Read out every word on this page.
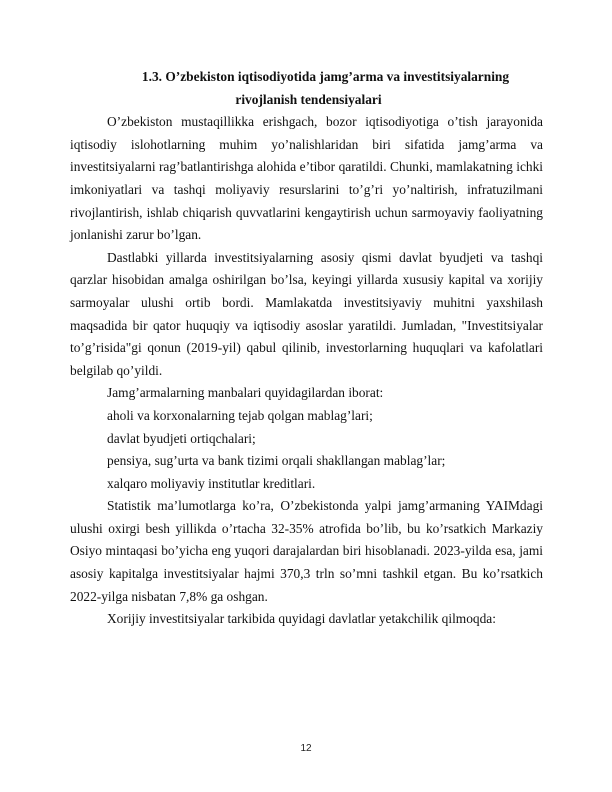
1.3. O’zbekiston iqtisodiyotida jamg’arma va investitsiyalarning
rivojlanish tendensiyalari

O’zbekiston mustaqillikka erishgach, bozor iqtisodiyotiga o’tish jarayonida iqtisodiy islohotlarning muhim yo’nalishlaridan biri sifatida jamg’arma va investitsiyalarni rag’batlantirishga alohida e’tibor qaratildi. Chunki, mamlakatning ichki imkoniyatlari va tashqi moliyaviy resurslarini to’g’ri yo’naltirish, infratuzilmani rivojlantirish, ishlab chiqarish quvvatlarini kengaytirish uchun sarmoyaviy faoliyatning jonlanishi zarur bo’lgan.

Dastlabki yillarda investitsiyalarning asosiy qismi davlat byudjeti va tashqi qarzlar hisobidan amalga oshirilgan bo’lsa, keyingi yillarda xususiy kapital va xorijiy sarmoyalar ulushi ortib bordi. Mamlakatda investitsiyaviy muhitni yaxshilash maqsadida bir qator huquqiy va iqtisodiy asoslar yaratildi. Jumladan, "Investitsiyalar to’g’risida"gi qonun (2019-yil) qabul qilinib, investorlarning huquqlari va kafolatlari belgilab qo’yildi.

Jamg’armalarning manbalari quyidagilardan iborat:

aholi va korxonalarning tejab qolgan mablag’lari;

davlat byudjeti ortiqchalari;

pensiya, sug’urta va bank tizimi orqali shakllangan mablag’lar;

xalqaro moliyaviy institutlar kreditlari.

Statistik ma’lumotlarga ko’ra, O’zbekistonda yalpi jamg’armaning YAIMdagi ulushi oxirgi besh yillikda o’rtacha 32-35% atrofida bo’lib, bu ko’rsatkich Markaziy Osiyo mintaqasi bo’yicha eng yuqori darajalardan biri hisoblanadi. 2023-yilda esa, jami asosiy kapitalga investitsiyalar hajmi 370,3 trln so’mni tashkil etgan. Bu ko’rsatkich 2022-yilga nisbatan 7,8% ga oshgan.

Xorijiy investitsiyalar tarkibida quyidagi davlatlar yetakchilik qilmoqda:

12
